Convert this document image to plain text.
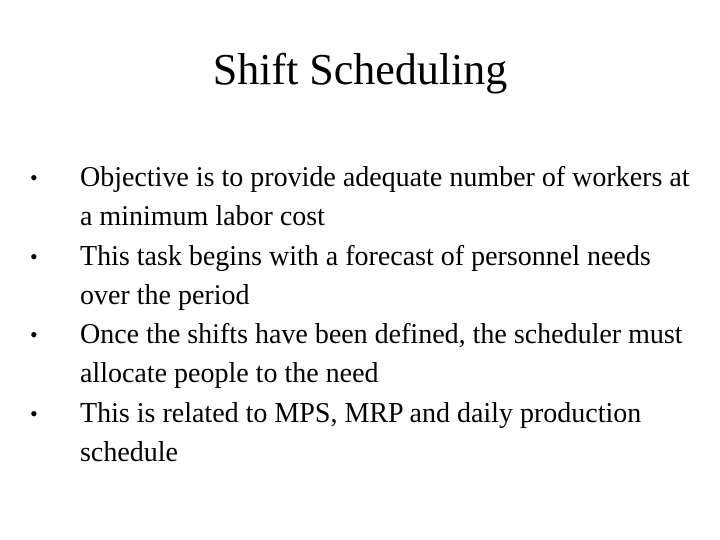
Shift Scheduling
• Objective is to provide adequate number of workers at a minimum labor cost
• This task begins with a forecast of personnel needs over the period
• Once the shifts have been defined, the scheduler must allocate people to the need
• This is related to MPS, MRP and daily production schedule
